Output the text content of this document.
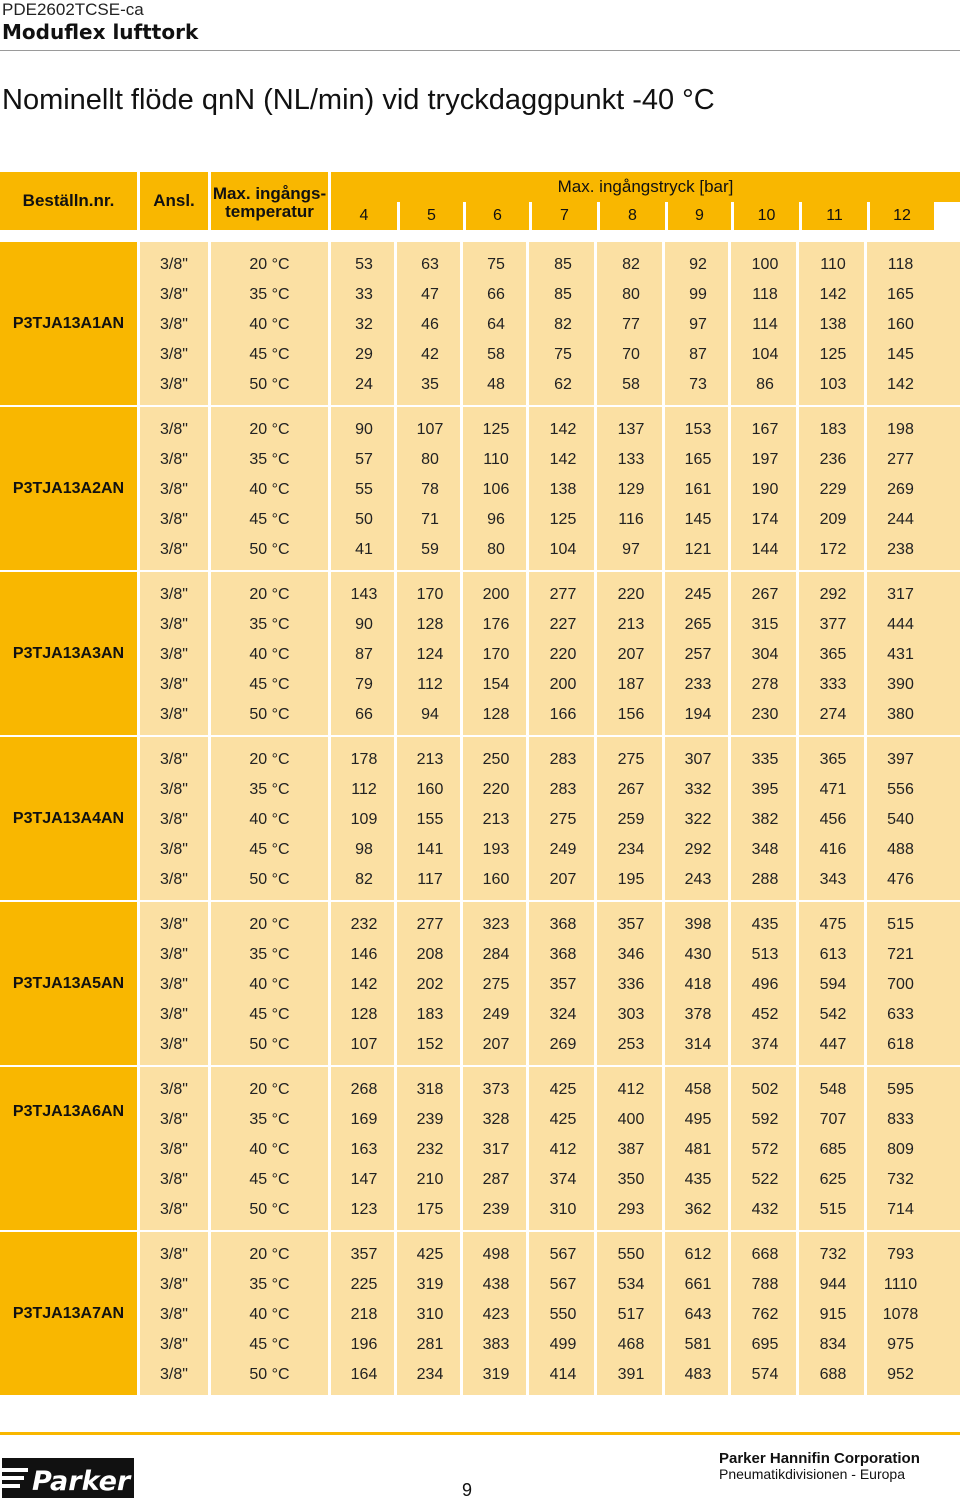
PDE2602TCSE-ca
Moduflex lufttork
Nominellt flöde qnN (NL/min) vid tryckdaggpunkt -40 °C
Beställn.nr.	Ansl.	Max. ingångs-
temperatur
Max. ingångstryck [bar]
4	5	6	7	8	9	10	11	12
P3TJA13A1AN
3/8"	20 °C	53	63	75	85	82	92	100	110	118
3/8"	35 °C	33	47	66	85	80	99	118	142	165
3/8"	40 °C	32	46	64	82	77	97	114	138	160
3/8"	45 °C	29	42	58	75	70	87	104	125	145
3/8"	50 °C	24	35	48	62	58	73	86	103	142
P3TJA13A2AN
3/8"	20 °C	90	107	125	142	137	153	167	183	198
3/8"	35 °C	57	80	110	142	133	165	197	236	277
3/8"	40 °C	55	78	106	138	129	161	190	229	269
3/8"	45 °C	50	71	96	125	116	145	174	209	244
3/8"	50 °C	41	59	80	104	97	121	144	172	238
P3TJA13A3AN
3/8"	20 °C	143	170	200	277	220	245	267	292	317
3/8"	35 °C	90	128	176	227	213	265	315	377	444
3/8"	40 °C	87	124	170	220	207	257	304	365	431
3/8"	45 °C	79	112	154	200	187	233	278	333	390
3/8"	50 °C	66	94	128	166	156	194	230	274	380
P3TJA13A4AN
3/8"	20 °C	178	213	250	283	275	307	335	365	397
3/8"	35 °C	112	160	220	283	267	332	395	471	556
3/8"	40 °C	109	155	213	275	259	322	382	456	540
3/8"	45 °C	98	141	193	249	234	292	348	416	488
3/8"	50 °C	82	117	160	207	195	243	288	343	476
P3TJA13A5AN
3/8"	20 °C	232	277	323	368	357	398	435	475	515
3/8"	35 °C	146	208	284	368	346	430	513	613	721
3/8"	40 °C	142	202	275	357	336	418	496	594	700
3/8"	45 °C	128	183	249	324	303	378	452	542	633
3/8"	50 °C	107	152	207	269	253	314	374	447	618
P3TJA13A6AN
3/8"	20 °C	268	318	373	425	412	458	502	548	595
3/8"	35 °C	169	239	328	425	400	495	592	707	833
3/8"	40 °C	163	232	317	412	387	481	572	685	809
3/8"	45 °C	147	210	287	374	350	435	522	625	732
3/8"	50 °C	123	175	239	310	293	362	432	515	714
P3TJA13A7AN
3/8"	20 °C	357	425	498	567	550	612	668	732	793
3/8"	35 °C	225	319	438	567	534	661	788	944	1110
3/8"	40 °C	218	310	423	550	517	643	762	915	1078
3/8"	45 °C	196	281	383	499	468	581	695	834	975
3/8"	50 °C	164	234	319	414	391	483	574	688	952
Parker	9
Parker Hannifin Corporation
Pneumatikdivisionen - Europa
